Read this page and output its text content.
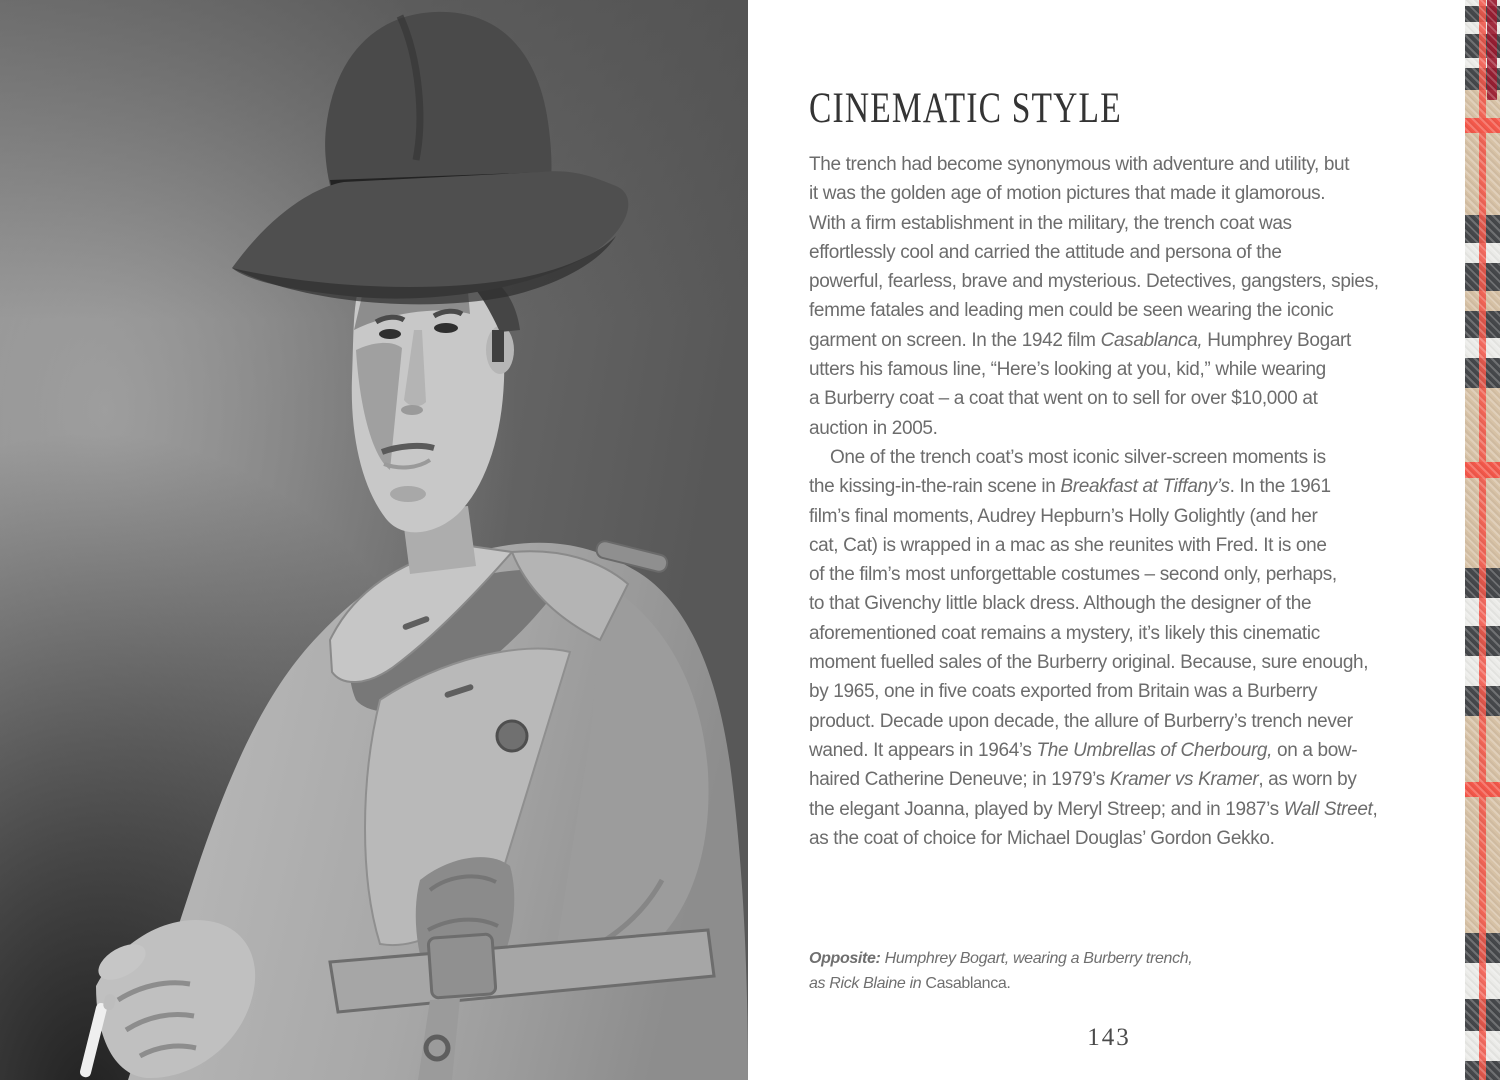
CINEMATIC STYLE
The trench had become synonymous with adventure and utility, but
it was the golden age of motion pictures that made it glamorous.
With a firm establishment in the military, the trench coat was
effortlessly cool and carried the attitude and persona of the
powerful, fearless, brave and mysterious. Detectives, gangsters, spies,
femme fatales and leading men could be seen wearing the iconic
garment on screen. In the 1942 film Casablanca, Humphrey Bogart
utters his famous line, “Here’s looking at you, kid,” while wearing
a Burberry coat – a coat that went on to sell for over $10,000 at
auction in 2005.
One of the trench coat’s most iconic silver-screen moments is
the kissing-in-the-rain scene in Breakfast at Tiffany’s. In the 1961
film’s final moments, Audrey Hepburn’s Holly Golightly (and her
cat, Cat) is wrapped in a mac as she reunites with Fred. It is one
of the film’s most unforgettable costumes – second only, perhaps,
to that Givenchy little black dress. Although the designer of the
aforementioned coat remains a mystery, it’s likely this cinematic
moment fuelled sales of the Burberry original. Because, sure enough,
by 1965, one in five coats exported from Britain was a Burberry
product. Decade upon decade, the allure of Burberry’s trench never
waned. It appears in 1964’s The Umbrellas of Cherbourg, on a bow-
haired Catherine Deneuve; in 1979’s Kramer vs Kramer, as worn by
the elegant Joanna, played by Meryl Streep; and in 1987’s Wall Street,
as the coat of choice for Michael Douglas’ Gordon Gekko.
Opposite: Humphrey Bogart, wearing a Burberry trench,
as Rick Blaine in Casablanca.
143
